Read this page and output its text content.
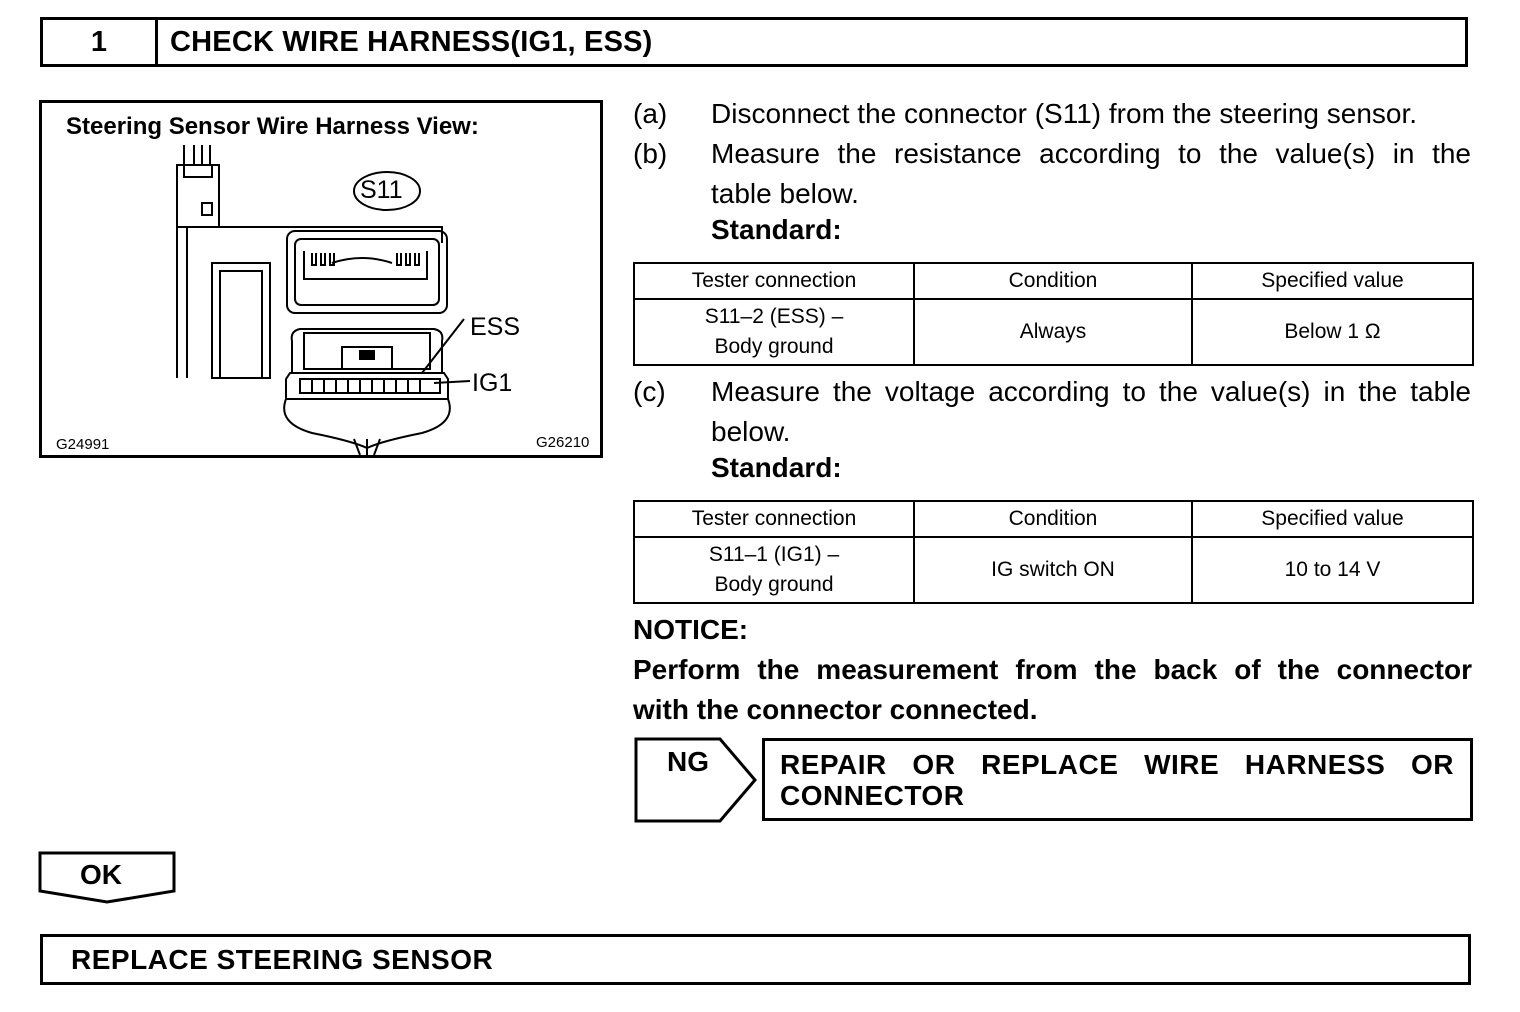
1	CHECK WIRE HARNESS(IG1, ESS)
Steering Sensor Wire Harness View:
S11
ESS
IG1
G24991	G26210
(a)	Disconnect the connector (S11) from the steering sensor.
(b)	Measure the resistance according to the value(s) in the
table below.
Standard:
Tester connection	Condition	Specified value

S11–2 (ESS) –
Body ground	Always	Below 1 Ω
(c)	Measure the voltage according to the value(s) in the table
below.
Standard:
Tester connection	Condition	Specified value

S11–1 (IG1) –
Body ground	IG switch ON	10 to 14 V
NOTICE:
Perform the measurement from the back of the connector
with the connector connected.
NG	REPAIR OR REPLACE WIRE HARNESS OR CONNECTOR
OK
REPLACE STEERING SENSOR
